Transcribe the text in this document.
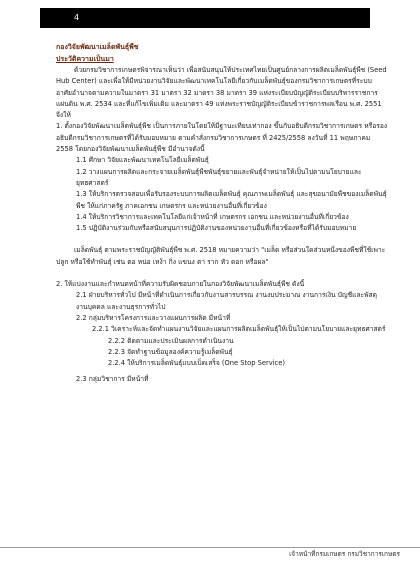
4

กองวิจัยพัฒนาเมล็ดพันธุ์พืช

ประวัติความเป็นมา

ด้วยกรมวิชาการเกษตรพิจารณาเห็นว่า เพื่อสนับสนุนให้ประเทศไทยเป็นศูนย์กลางการผลิตเมล็ดพันธุ์พืช (Seed Hub Center) และเพื่อให้มีหน่วยงานวิจัยและพัฒนาเทคโนโลยีเกี่ยวกับเมล็ดพันธุ์ของกรมวิชาการเกษตรที่ระบบ อาศัยอำนาจตามความในมาตรา 31 มาตรา 32 มาตรา 38 มาตรา 39 แห่งระเบียบบัญญัติระเบียบบริหารราชการแผ่นดิน พ.ศ. 2534 และที่แก้ไขเพิ่มเติม และมาตรา 49 แห่งพระราชบัญญัติระเบียบข้าราชการพลเรือน พ.ศ. 2551 จึงให้

1. ตั้งกองวิจัยพัฒนาเมล็ดพันธุ์พืช เป็นการภายในโดยให้มีฐานะเทียบเท่ากอง ขึ้นกับอธิบดีกรมวิชาการเกษตร หรือรองอธิบดีกรมวิชาการเกษตรที่ได้รับมอบหมาย ตามคำสั่งกรมวิชาการเกษตร ที่ 2425/2558 ลงวันที่ 11 พฤษภาคม 2558 โดยกองวิจัยพัฒนาเมล็ดพันธุ์พืช มีอำนาจดังนี้

1.1 ศึกษา วิจัยและพัฒนาเทคโนโลยีเมล็ดพันธุ์

1.2 วางแผนการผลิตและกระจายเมล็ดพันธุ์พืชพันธุ์ขยายและพันธุ์จำหน่ายให้เป็นไปตามนโยบายและยุทธศาสตร์

1.3 ให้บริการตรวจสอบเพื่อรับรองระบบการผลิตเมล็ดพันธุ์ คุณภาพเมล็ดพันธุ์ และสุขอนามัยพืชของเมล็ดพันธุ์พืช ให้แก่ภาครัฐ ภาคเอกชน เกษตรกร และหน่วยงานอื่นที่เกี่ยวข้อง

1.4 ให้บริการวิชาการและเทคโนโลยีแก่เจ้าหน้าที่ เกษตรกร เอกชน และหน่วยงานอื่นที่เกี่ยวข้อง

1.5 ปฏิบัติงานร่วมกับหรือสนับสนุนการปฏิบัติงานของหน่วยงานอื่นที่เกี่ยวข้องหรือที่ได้รับมอบหมาย

เมล็ดพันธุ์ ตามพระราชบัญญัติพันธุ์พืช พ.ศ. 2518 หมายความว่า "เมล็ด หรือส่วนใดส่วนหนึ่งของพืชที่ใช้เพาะปลูก หรือใช้ทำพันธุ์ เช่น ตอ หน่อ เหง้า กิ่ง แขนง ตา ราก หัว ดอก หรือผล"

2. ให้แบ่งงานและกำหนดหน้าที่ความรับผิดชอบภายในกองวิจัยพัฒนาเมล็ดพันธุ์พืช ดังนี้

2.1 ฝ่ายบริหารทั่วไป มีหน้าที่ดำเนินการเกี่ยวกับงานสารบรรณ งานงบประมาณ งานการเงิน บัญชีและพัสดุ งานบุคคล และงานธุรการทั่วไป

2.2 กลุ่มบริหารโครงการและวางแผนการผลิต มีหน้าที่

2.2.1 วิเคราะห์และจัดทำแผนงานวิจัยและแผนการผลิตเมล็ดพันธุ์ให้เป็นไปตามนโยบายและยุทธศาสตร์

2.2.2 ติดตามและประเมินผลการดำเนินงาน

2.2.3 จัดทำฐานข้อมูลองค์ความรู้เมล็ดพันธุ์

2.2.4 ให้บริการเมล็ดพันธุ์แบบเบ็ดเสร็จ (One Stop Service)

2.3 กลุ่มวิชาการ มีหน้าที่

เจ้าหน้าที่กรมเกษตร กรมวิชาการเกษตร
